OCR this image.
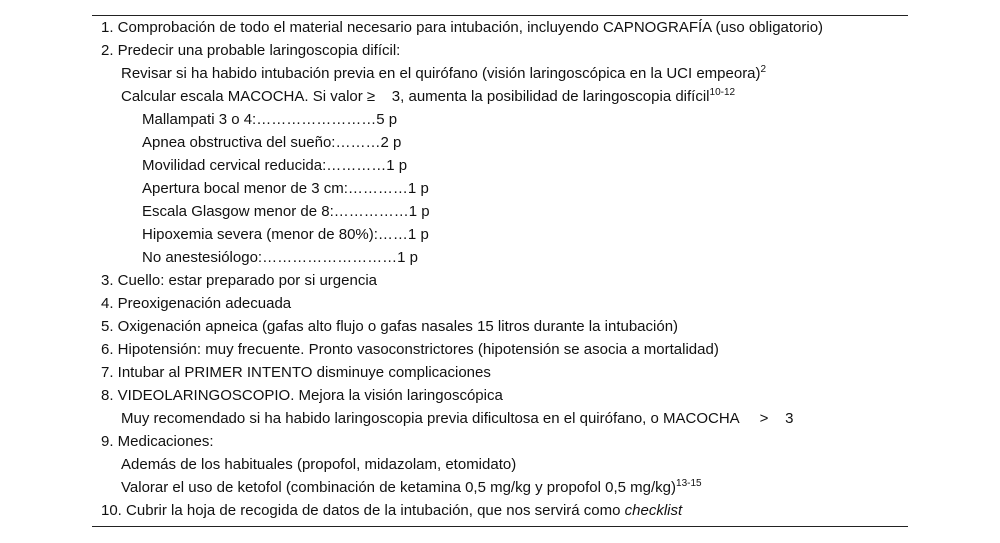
1. Comprobación de todo el material necesario para intubación, incluyendo CAPNOGRAFÍA (uso obligatorio)
2. Predecir una probable laringoscopia difícil:
Revisar si ha habido intubación previa en el quirófano (visión laringoscópica en la UCI empeora)$^2$
Calcular escala MACOCHA. Si valor ≥    3, aumenta la posibilidad de laringoscopia difícil$^{10-12}$
Mallampati 3 o 4:……………………5 p
Apnea obstructiva del sueño:………2 p
Movilidad cervical reducida:…………1 p
Apertura bocal menor de 3 cm:…………1 p
Escala Glasgow menor de 8:……………1 p
Hipoxemia severa (menor de 80%):……1 p
No anestesiólogo:………………………1 p
3. Cuello: estar preparado por si urgencia
4. Preoxigenación adecuada
5. Oxigenación apneica (gafas alto flujo o gafas nasales 15 litros durante la intubación)
6. Hipotensión: muy frecuente. Pronto vasoconstrictores (hipotensión se asocia a mortalidad)
7. Intubar al PRIMER INTENTO disminuye complicaciones
8. VIDEOLARINGOSCOPIO. Mejora la visión laringoscópica
Muy recomendado si ha habido laringoscopia previa dificultosa en el quirófano, o MACOCHA     >    3
9. Medicaciones:
Además de los habituales (propofol, midazolam, etomidato)
Valorar el uso de ketofol (combinación de ketamina 0,5 mg/kg y propofol 0,5 mg/kg)$^{13-15}$
10. Cubrir la hoja de recogida de datos de la intubación, que nos servirá como checklist
